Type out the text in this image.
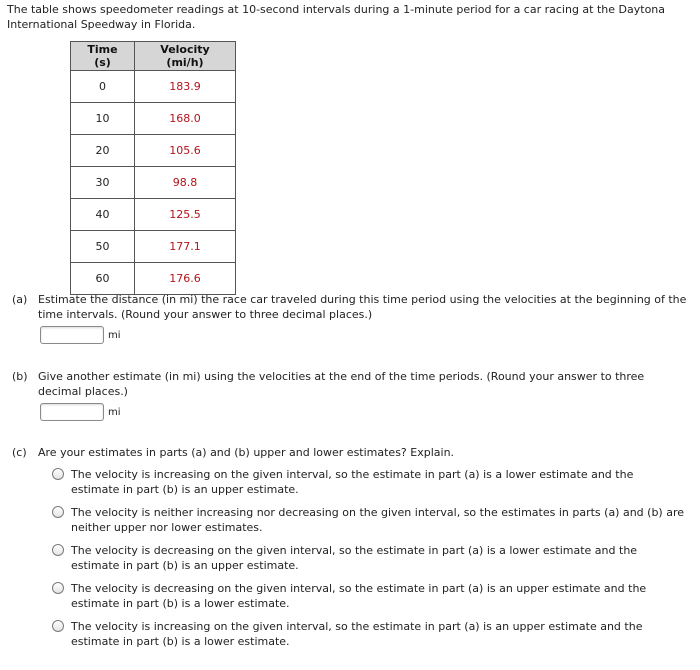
The table shows speedometer readings at 10-second intervals during a 1-minute period for a car racing at the Daytona International Speedway in Florida.

Time (s)	Velocity (mi/h)
0	183.9
10	168.0
20	105.6
30	98.8
40	125.5
50	177.1
60	176.6
(a) Estimate the distance (in mi) the race car traveled during this time period using the velocities at the beginning of the time intervals. (Round your answer to three decimal places.)
mi
(b) Give another estimate (in mi) using the velocities at the end of the time periods. (Round your answer to three decimal places.)
mi
(c) Are your estimates in parts (a) and (b) upper and lower estimates? Explain.
The velocity is increasing on the given interval, so the estimate in part (a) is a lower estimate and the estimate in part (b) is an upper estimate.
The velocity is neither increasing nor decreasing on the given interval, so the estimates in parts (a) and (b) are neither upper nor lower estimates.
The velocity is decreasing on the given interval, so the estimate in part (a) is a lower estimate and the estimate in part (b) is an upper estimate.
The velocity is decreasing on the given interval, so the estimate in part (a) is an upper estimate and the estimate in part (b) is a lower estimate.
The velocity is increasing on the given interval, so the estimate in part (a) is an upper estimate and the estimate in part (b) is a lower estimate.
